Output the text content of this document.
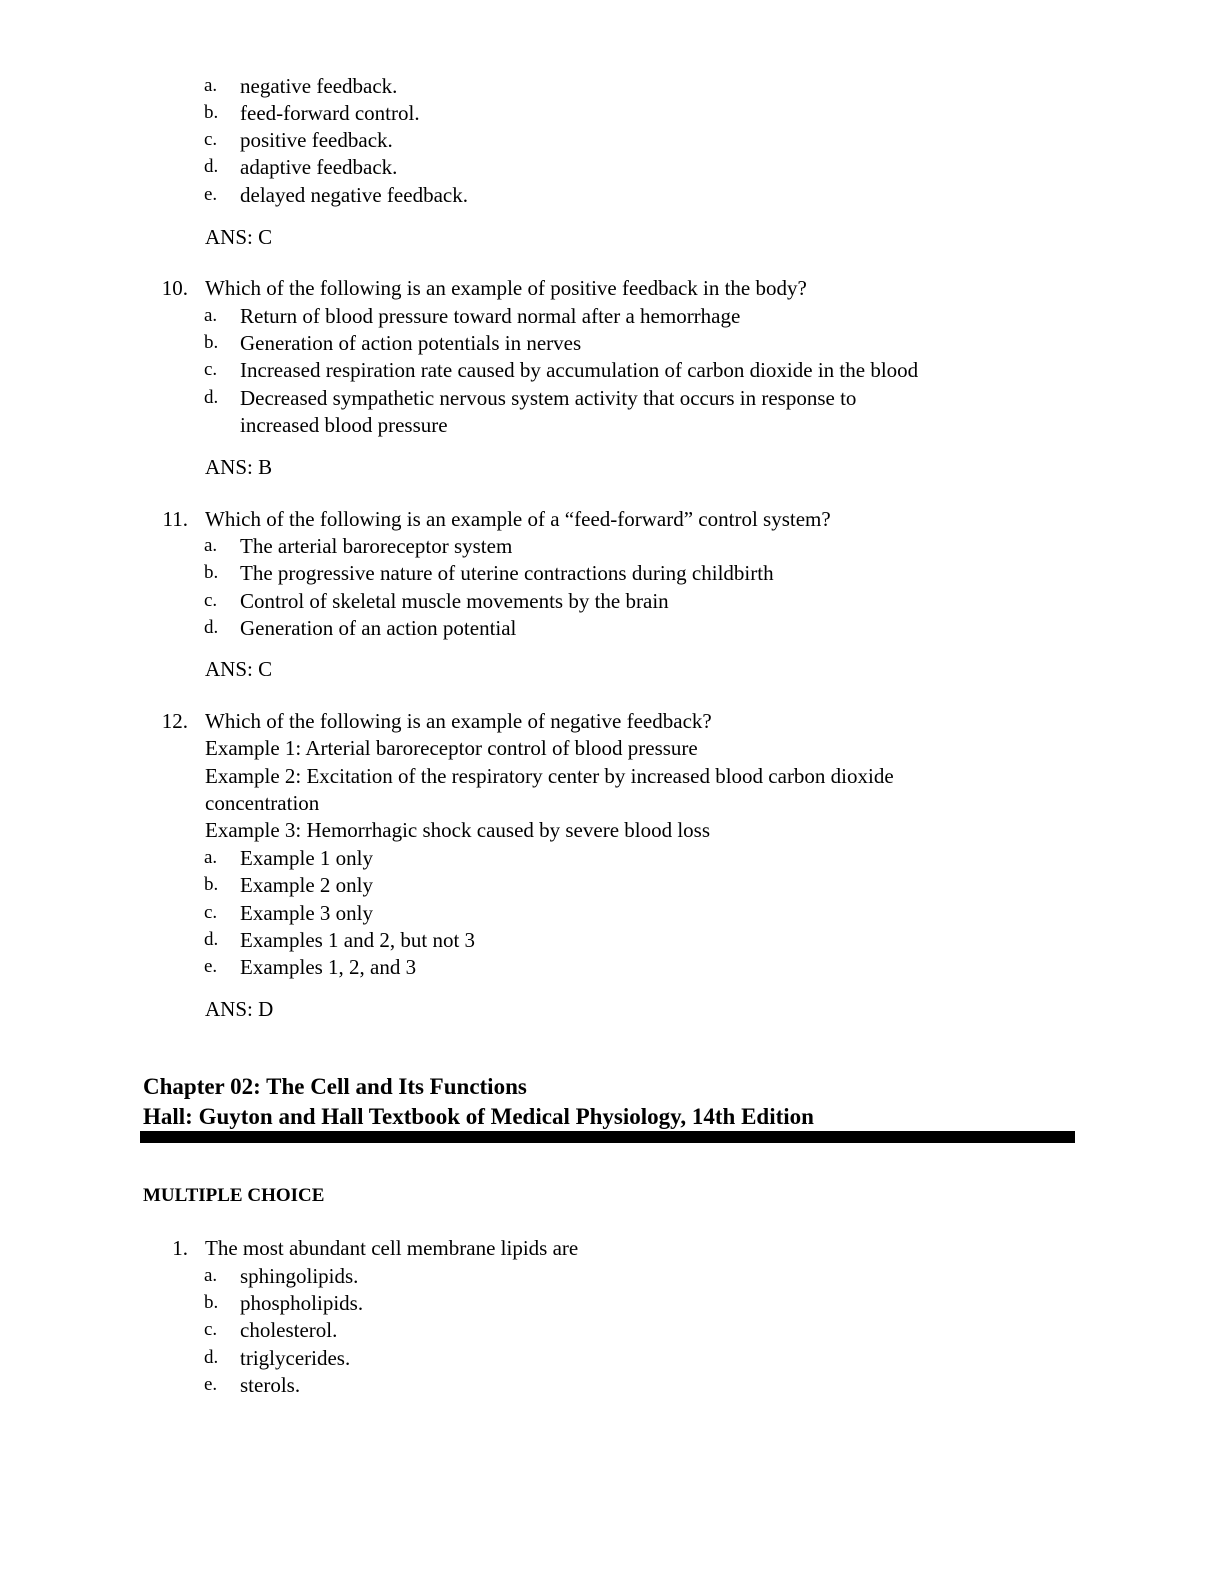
a.	negative feedback.
b. feed-forward control.
c.	positive feedback.
d. adaptive feedback.
e.	delayed negative feedback.
ANS: C
10. Which of the following is an example of positive feedback in the body?
a.	Return of blood pressure toward normal after a hemorrhage
b. Generation of action potentials in nerves
c.	Increased respiration rate caused by accumulation of carbon dioxide in the blood
d. Decreased sympathetic nervous system activity that occurs in response to
increased blood pressure
ANS: B
11. Which of the following is an example of a “feed-forward” control system?
a.	The arterial baroreceptor system
b. The progressive nature of uterine contractions during childbirth
c.	Control of skeletal muscle movements by the brain
d. Generation of an action potential
ANS: C
12. Which of the following is an example of negative feedback?
Example 1: Arterial baroreceptor control of blood pressure
Example 2: Excitation of the respiratory center by increased blood carbon dioxide
concentration
Example 3: Hemorrhagic shock caused by severe blood loss
a.	Example 1 only
b. Example 2 only
c.	Example 3 only
d. Examples 1 and 2, but not 3
e.	Examples 1, 2, and 3
ANS: D
Chapter 02: The Cell and Its Functions
Hall: Guyton and Hall Textbook of Medical Physiology, 14th Edition
MULTIPLE CHOICE
1. The most abundant cell membrane lipids are
a.	sphingolipids.
b. phospholipids.
c.	cholesterol.
d. triglycerides.
e.	sterols.
